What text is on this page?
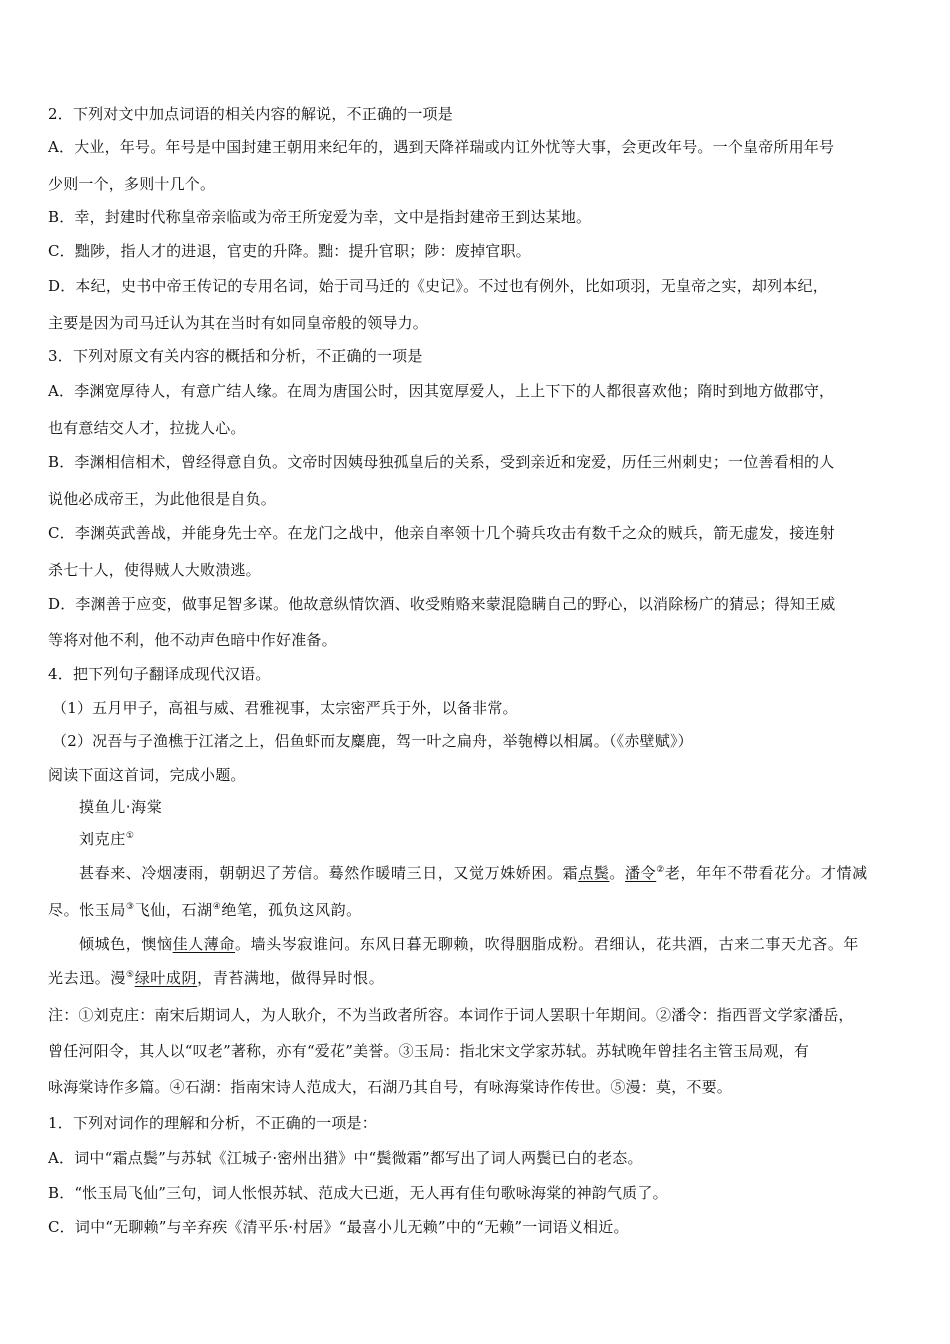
2．下列对文中加点词语的相关内容的解说，不正确的一项是
A．大业，年号。年号是中国封建王朝用来纪年的，遇到天降祥瑞或内讧外忧等大事，会更改年号。一个皇帝所用年号
少则一个，多则十几个。
B．幸，封建时代称皇帝亲临或为帝王所宠爱为幸，文中是指封建帝王到达某地。
C．黜陟，指人才的进退，官吏的升降。黜：提升官职；陟：废掉官职。
D．本纪，史书中帝王传记的专用名词，始于司马迁的《史记》。不过也有例外，比如项羽，无皇帝之实，却列本纪，
主要是因为司马迁认为其在当时有如同皇帝般的领导力。
3．下列对原文有关内容的概括和分析，不正确的一项是
A．李渊宽厚待人，有意广结人缘。在周为唐国公时，因其宽厚爱人，上上下下的人都很喜欢他；隋时到地方做郡守，
也有意结交人才，拉拢人心。
B．李渊相信相术，曾经得意自负。文帝时因姨母独孤皇后的关系，受到亲近和宠爱，历任三州刺史；一位善看相的人
说他必成帝王，为此他很是自负。
C．李渊英武善战，并能身先士卒。在龙门之战中，他亲自率领十几个骑兵攻击有数千之众的贼兵，箭无虚发，接连射
杀七十人，使得贼人大败溃逃。
D．李渊善于应变，做事足智多谋。他故意纵情饮酒、收受贿赂来蒙混隐瞒自己的野心，以消除杨广的猜忌；得知王威
等将对他不利，他不动声色暗中作好准备。
4．把下列句子翻译成现代汉语。
（1）五月甲子，高祖与威、君雅视事，太宗密严兵于外，以备非常。
（2）况吾与子渔樵于江渚之上，侣鱼虾而友麋鹿，驾一叶之扁舟，举匏樽以相属。（《赤壁赋》）
阅读下面这首词，完成小题。
摸鱼儿·海棠
刘克庄①
甚春来、冷烟凄雨，朝朝迟了芳信。蓦然作暖晴三日，又觉万姝娇困。霜点鬓。潘令②老，年年不带看花分。才情减
尽。怅玉局③飞仙，石湖④绝笔，孤负这风韵。
倾城色，懊恼佳人薄命。墙头岑寂谁问。东风日暮无聊赖，吹得胭脂成粉。君细认，花共酒，古来二事天尤吝。年
光去迅。漫⑤绿叶成阴，青苔满地，做得异时恨。
注：①刘克庄：南宋后期词人，为人耿介，不为当政者所容。本词作于词人罢职十年期间。②潘令：指西晋文学家潘岳，
曾任河阳令，其人以“叹老”著称，亦有“爱花”美誉。③玉局：指北宋文学家苏轼。苏轼晚年曾挂名主管玉局观，有
咏海棠诗作多篇。④石湖：指南宋诗人范成大，石湖乃其自号，有咏海棠诗作传世。⑤漫：莫，不要。
1．下列对词作的理解和分析，不正确的一项是：
A．词中“霜点鬓”与苏轼《江城子·密州出猎》中“鬓微霜”都写出了词人两鬓已白的老态。
B．“怅玉局飞仙”三句，词人怅恨苏轼、范成大已逝，无人再有佳句歌咏海棠的神韵气质了。
C．词中“无聊赖”与辛弃疾《清平乐·村居》“最喜小儿无赖”中的“无赖”一词语义相近。
